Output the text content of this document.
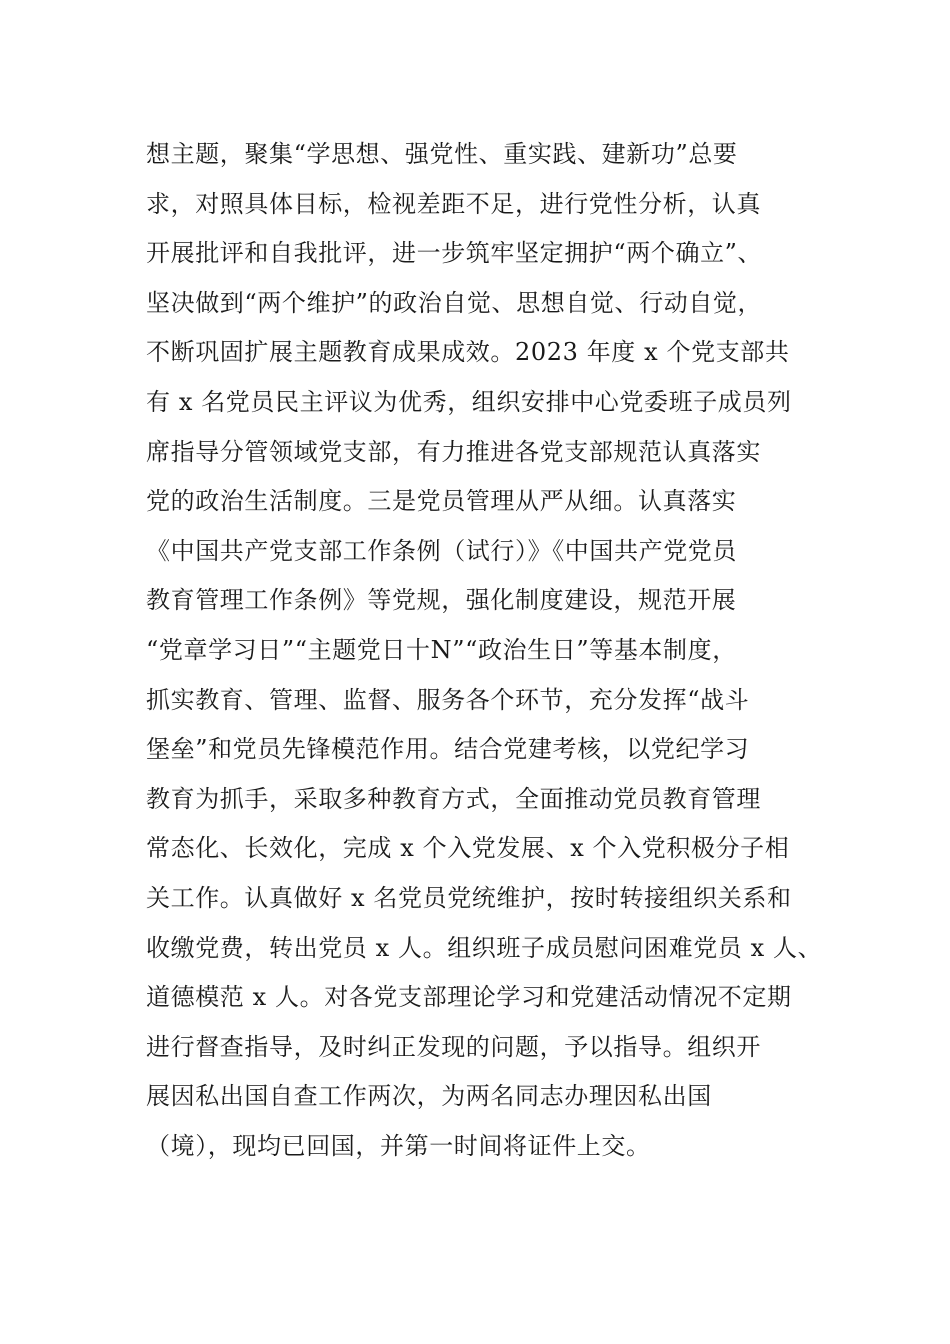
想主题，聚集“学思想、强党性、重实践、建新功”总要
求，对照具体目标，检视差距不足，进行党性分析，认真
开展批评和自我批评，进一步筑牢坚定拥护“两个确立”、
坚决做到“两个维护”的政治自觉、思想自觉、行动自觉，
不断巩固扩展主题教育成果成效。2023 年度 x 个党支部共
有 x 名党员民主评议为优秀，组织安排中心党委班子成员列
席指导分管领域党支部，有力推进各党支部规范认真落实
党的政治生活制度。三是党员管理从严从细。认真落实
《中国共产党支部工作条例（试行）》《中国共产党党员
教育管理工作条例》等党规，强化制度建设，规范开展
“党章学习日”“主题党日十N”“政治生日”等基本制度，
抓实教育、管理、监督、服务各个环节，充分发挥“战斗
堡垒”和党员先锋模范作用。结合党建考核，以党纪学习
教育为抓手，采取多种教育方式，全面推动党员教育管理
常态化、长效化，完成 x 个入党发展、x 个入党积极分子相
关工作。认真做好 x 名党员党统维护，按时转接组织关系和
收缴党费，转出党员 x 人。组织班子成员慰问困难党员 x 人、
道德模范 x 人。对各党支部理论学习和党建活动情况不定期
进行督查指导，及时纠正发现的问题，予以指导。组织开
展因私出国自查工作两次，为两名同志办理因私出国
（境），现均已回国，并第一时间将证件上交。
